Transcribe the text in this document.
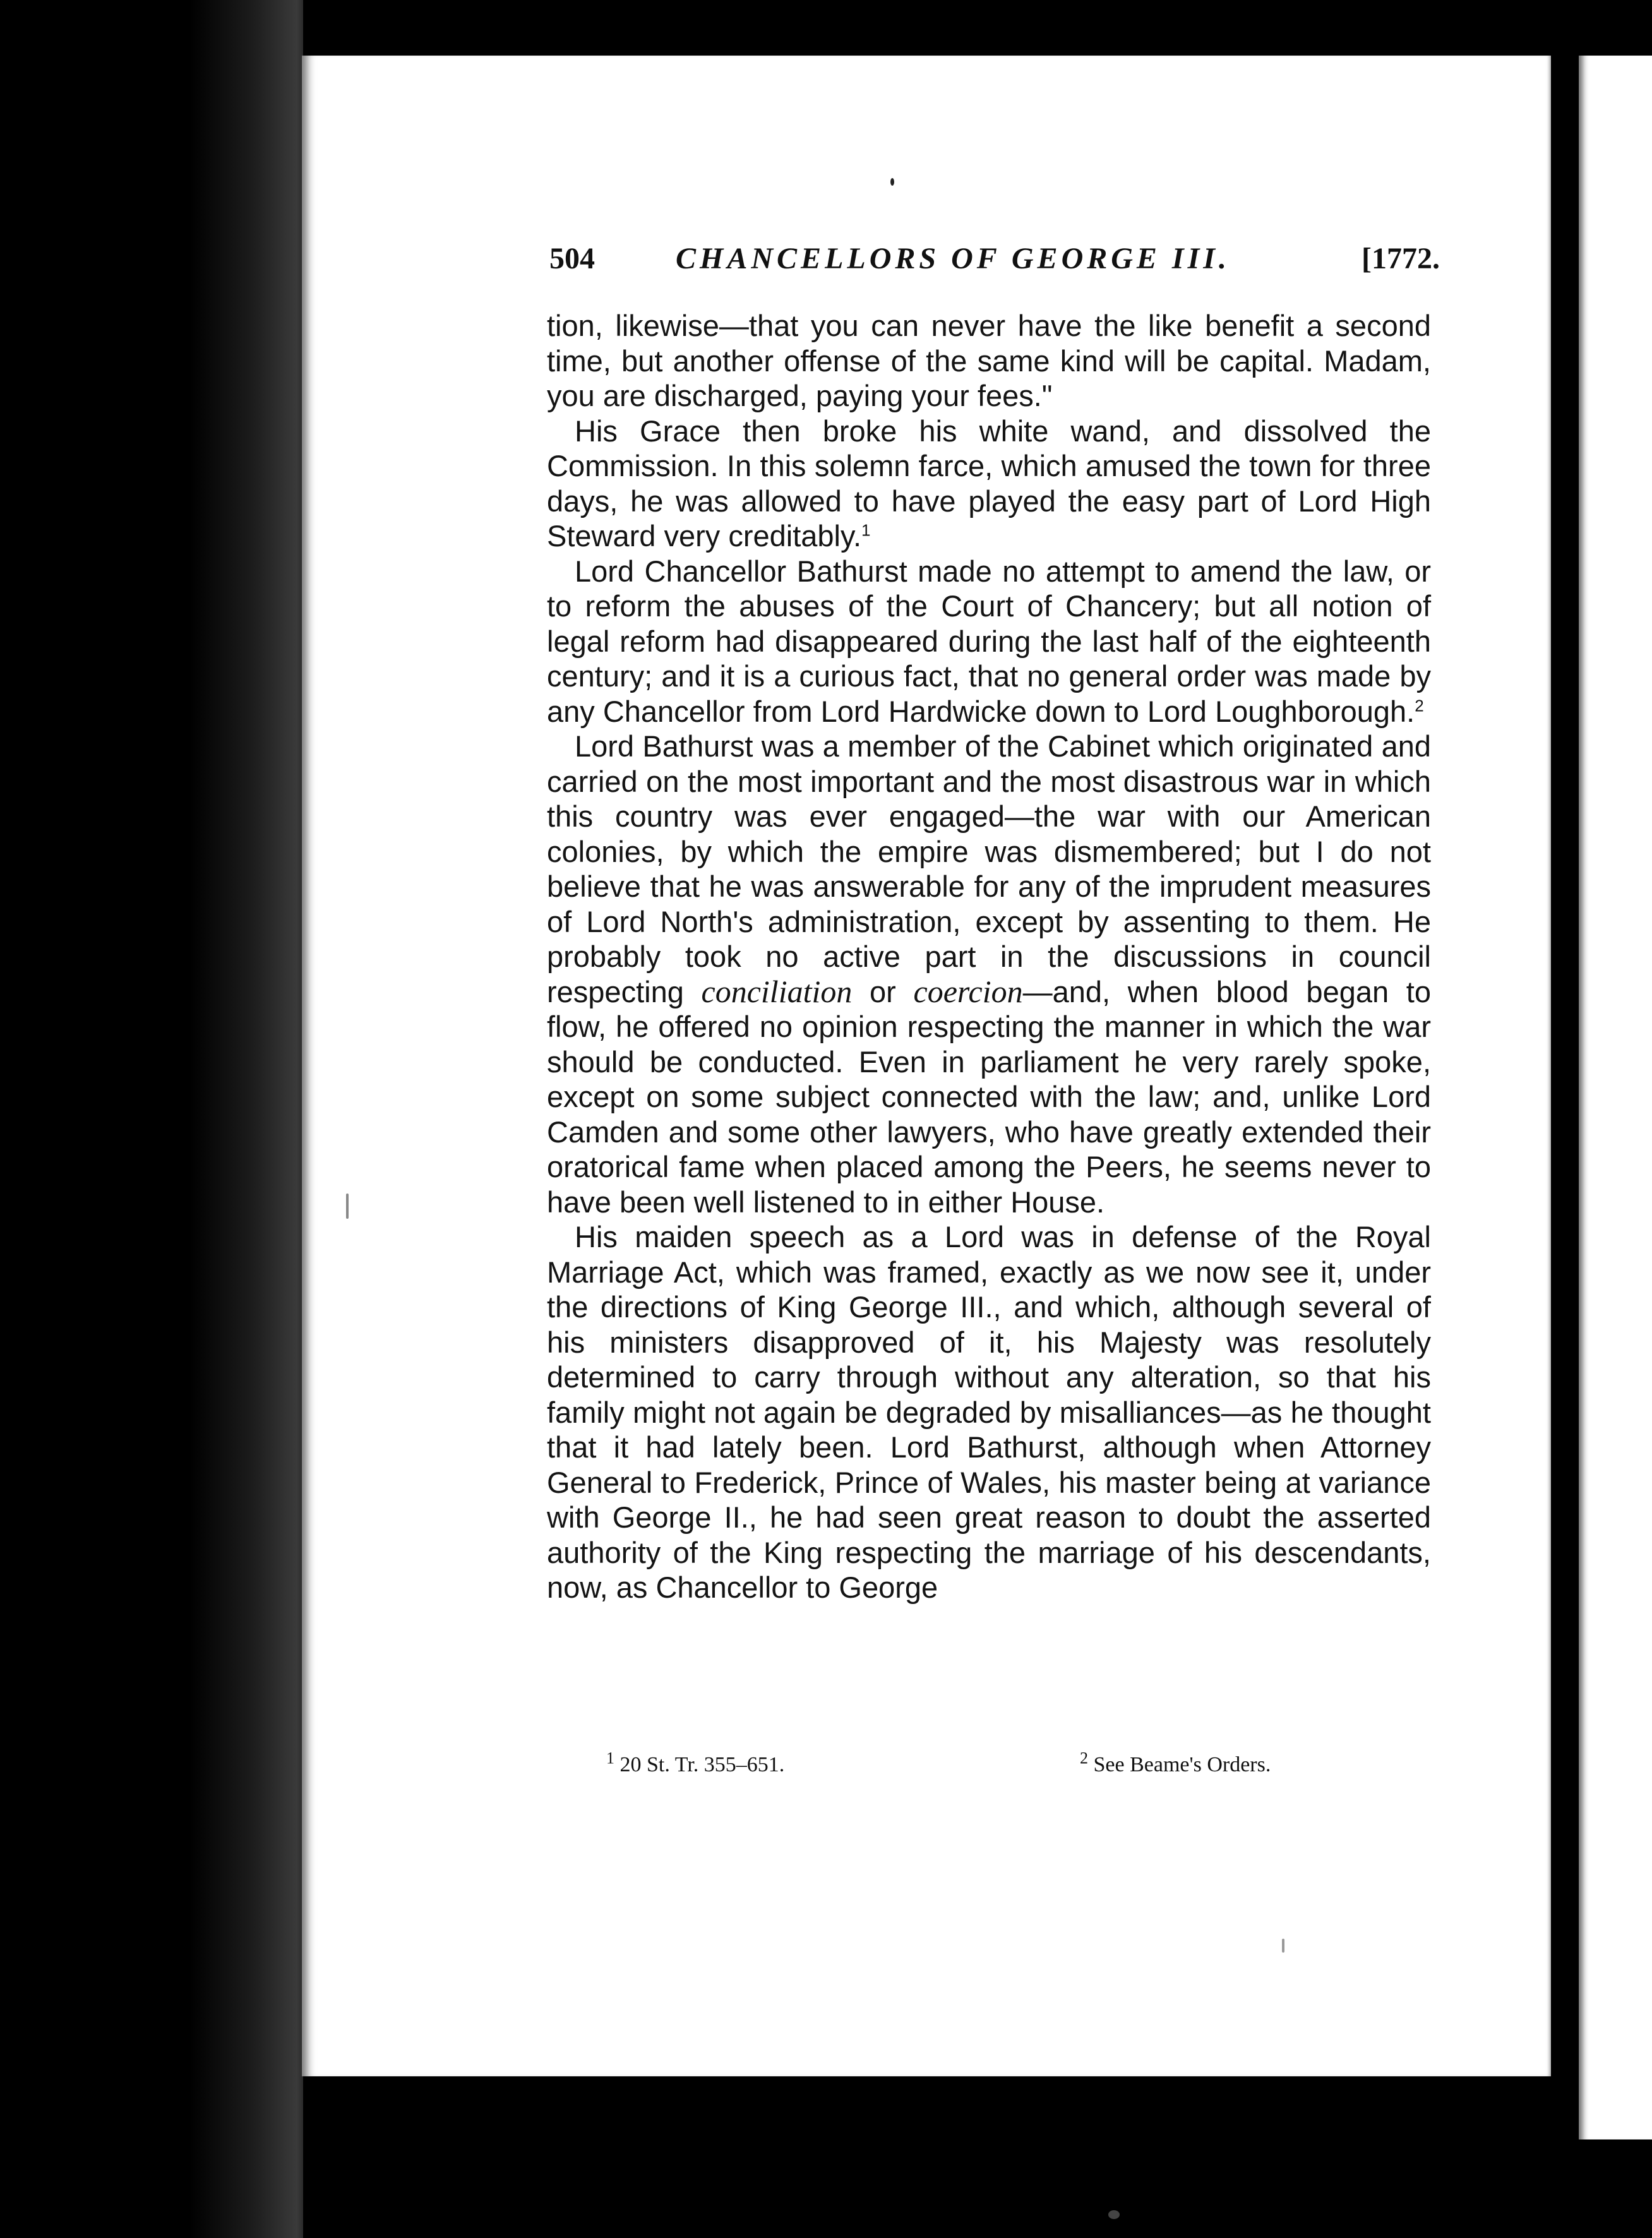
504	CHANCELLORS OF GEORGE III.	[1772.

tion, likewise—that you can never have the like benefit a second time, but another offense of the same kind will be capital. Madam, you are discharged, paying your fees."

His Grace then broke his white wand, and dissolved the Commission. In this solemn farce, which amused the town for three days, he was allowed to have played the easy part of Lord High Steward very creditably.$^1$

Lord Chancellor Bathurst made no attempt to amend the law, or to reform the abuses of the Court of Chancery; but all notion of legal reform had disappeared during the last half of the eighteenth century; and it is a curious fact, that no general order was made by any Chancellor from Lord Hardwicke down to Lord Loughborough.$^2$

Lord Bathurst was a member of the Cabinet which originated and carried on the most important and the most disastrous war in which this country was ever engaged—the war with our American colonies, by which the empire was dismembered; but I do not believe that he was answerable for any of the imprudent measures of Lord North's administration, except by assenting to them. He probably took no active part in the discussions in council respecting conciliation or coercion—and, when blood began to flow, he offered no opinion respecting the manner in which the war should be conducted. Even in parliament he very rarely spoke, except on some subject connected with the law; and, unlike Lord Camden and some other lawyers, who have greatly extended their oratorical fame when placed among the Peers, he seems never to have been well listened to in either House.

His maiden speech as a Lord was in defense of the Royal Marriage Act, which was framed, exactly as we now see it, under the directions of King George III., and which, although several of his ministers disapproved of it, his Majesty was resolutely determined to carry through without any alteration, so that his family might not again be degraded by misalliances—as he thought that it had lately been. Lord Bathurst, although when Attorney General to Frederick, Prince of Wales, his master being at variance with George II., he had seen great reason to doubt the asserted authority of the King respecting the marriage of his descendants, now, as Chancellor to George

$^1$ 20 St. Tr. 355–651.	$^2$ See Beame's Orders.
